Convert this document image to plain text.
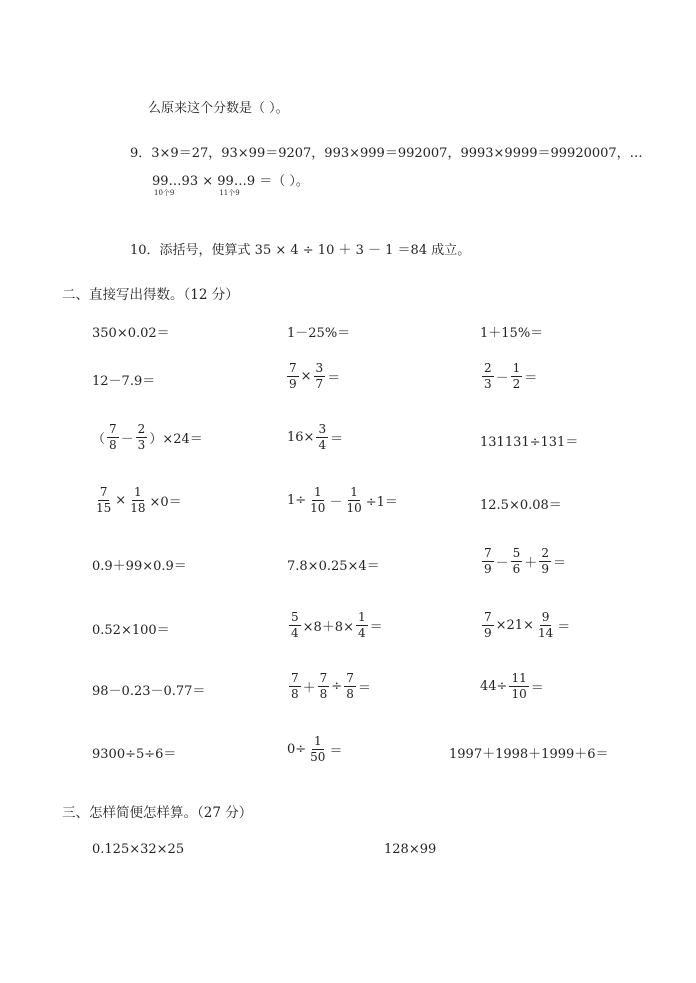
么原来这个分数是（ ）。
9．3×9＝27，93×99＝9207，993×999＝992007，9993×9999＝99920007，…
99…93
10个9
× 99…9
11个9
＝（ ）。
10．添括号，使算式 35 × 4 ÷ 10 ＋ 3 － 1 ＝84 成立。
二、直接写出得数。（12 分）
350×0.02＝	1－25%＝	1＋15%＝
12－7.9＝	$\frac{7}{9} \times \frac{3}{7}$ ＝	$\frac{2}{3} - \frac{1}{2}$ ＝
（ $\frac{7}{8} - \frac{2}{3} )\times 24=$	$16\times \frac{3}{4}$ ＝	131131÷131＝
$\frac{7}{15} \times \frac{1}{18} \times 0=$	$1\div \frac{1}{10} - \frac{1}{10} \div 1=$	12.5×0.08＝
0.9＋99×0.9＝	7.8×0.25×4＝	$\frac{7}{9} - \frac{5}{6} + \frac{2}{9}$ ＝
0.52×100＝	$\frac{5}{4} \times 8+8\times \frac{1}{4}$ ＝	$\frac{7}{9} \times 21\times \frac{9}{14}$ ＝
98－0.23－0.77＝	$\frac{7}{8} + \frac{7}{8} \div \frac{7}{8}$ ＝	$44\div \frac{11}{10}$ ＝
9300÷5÷6＝	$0\div \frac{1}{50}$ ＝	1997＋1998＋1999＋6＝
三、怎样简便怎样算。（27 分）
0.125×32×25	128×99
